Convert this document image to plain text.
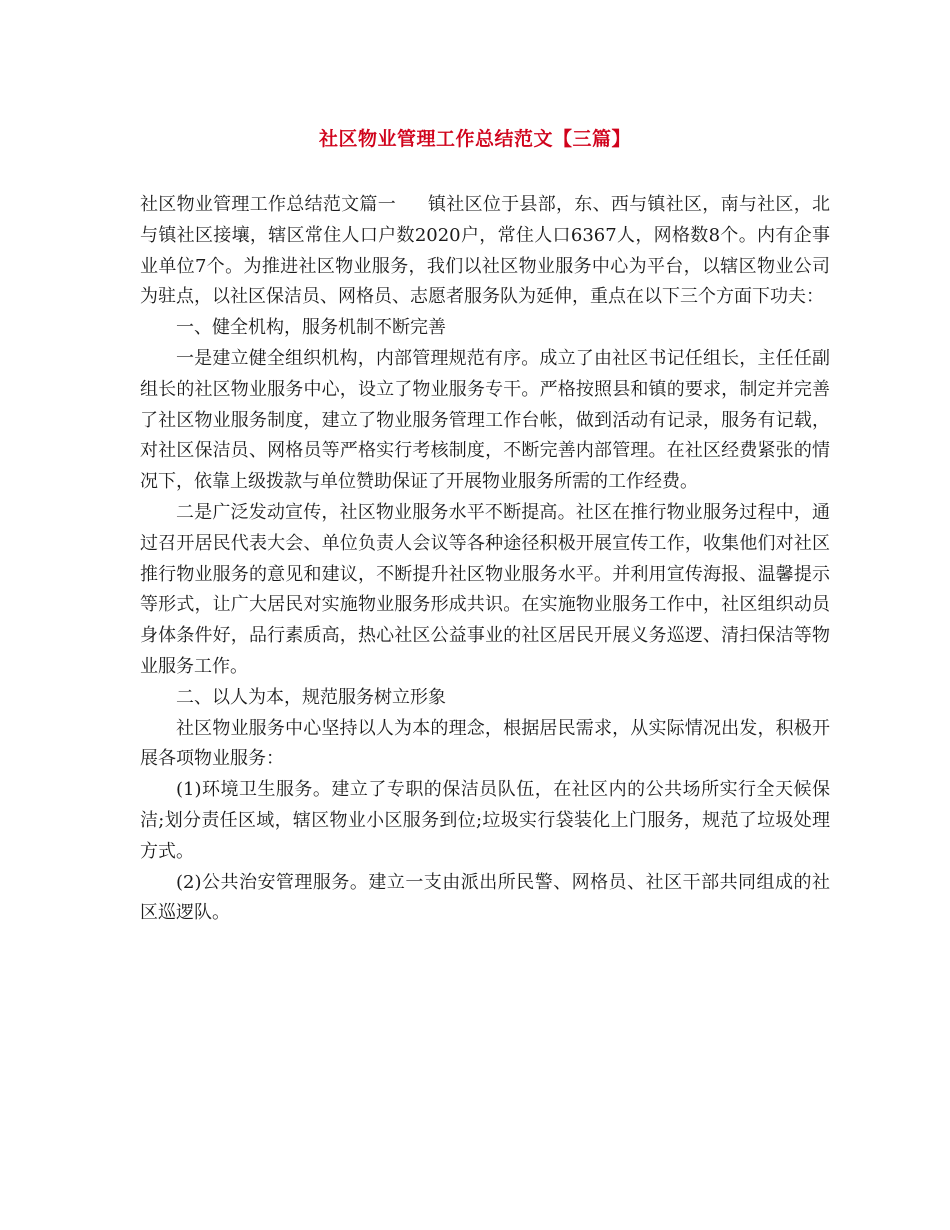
社区物业管理工作总结范文【三篇】

社区物业管理工作总结范文篇一 镇社区位于县部，东、西与镇社区，南与社区，北与镇社区接壤，辖区常住人口户数2020户，常住人口6367人，网格数8个。内有企事业单位7个。为推进社区物业服务，我们以社区物业服务中心为平台，以辖区物业公司为驻点，以社区保洁员、网格员、志愿者服务队为延伸，重点在以下三个方面下功夫：

一、健全机构，服务机制不断完善

一是建立健全组织机构，内部管理规范有序。成立了由社区书记任组长，主任任副组长的社区物业服务中心，设立了物业服务专干。严格按照县和镇的要求，制定并完善了社区物业服务制度，建立了物业服务管理工作台帐，做到活动有记录，服务有记载，对社区保洁员、网格员等严格实行考核制度，不断完善内部管理。在社区经费紧张的情况下，依靠上级拨款与单位赞助保证了开展物业服务所需的工作经费。

二是广泛发动宣传，社区物业服务水平不断提高。社区在推行物业服务过程中，通过召开居民代表大会、单位负责人会议等各种途径积极开展宣传工作，收集他们对社区推行物业服务的意见和建议，不断提升社区物业服务水平。并利用宣传海报、温馨提示等形式，让广大居民对实施物业服务形成共识。在实施物业服务工作中，社区组织动员身体条件好，品行素质高，热心社区公益事业的社区居民开展义务巡逻、清扫保洁等物业服务工作。

二、以人为本，规范服务树立形象

社区物业服务中心坚持以人为本的理念，根据居民需求，从实际情况出发，积极开展各项物业服务：

(1)环境卫生服务。建立了专职的保洁员队伍，在社区内的公共场所实行全天候保洁;划分责任区域，辖区物业小区服务到位;垃圾实行袋装化上门服务，规范了垃圾处理方式。

(2)公共治安管理服务。建立一支由派出所民警、网格员、社区干部共同组成的社区巡逻队。
